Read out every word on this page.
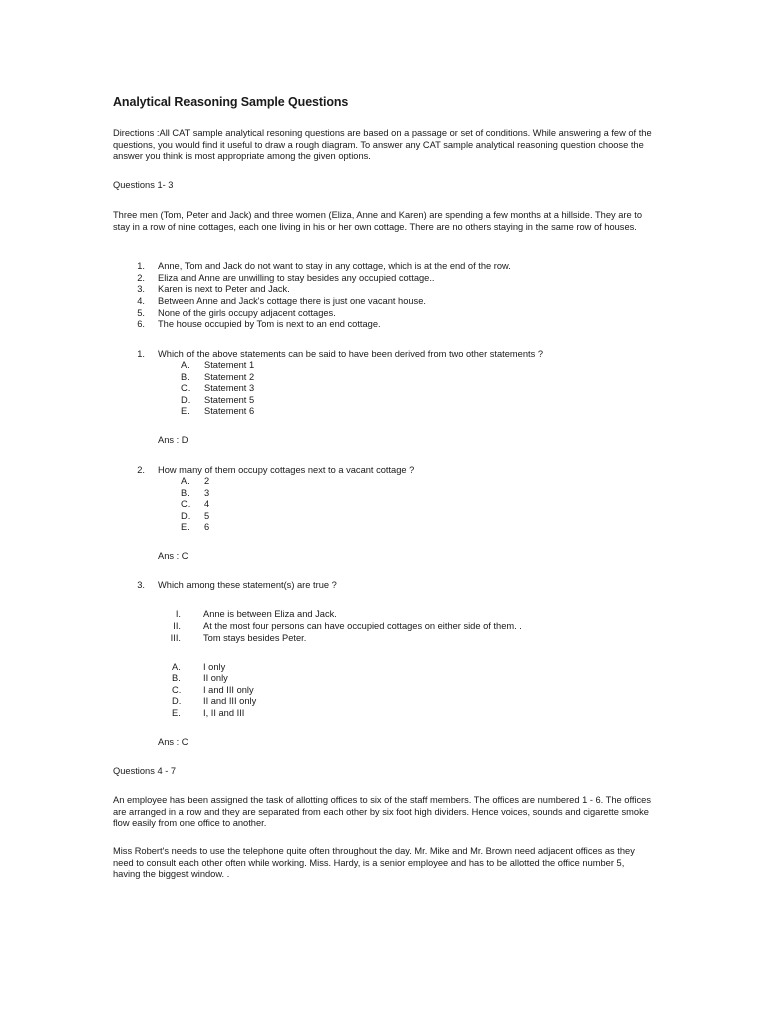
Analytical Reasoning Sample Questions
Directions :All CAT sample analytical resoning questions are based on a passage or set of conditions. While answering a few of the questions, you would find it useful to draw a rough diagram. To answer any CAT sample analytical reasoning question choose the answer you think is most appropriate among the given options.
Questions 1- 3
Three men (Tom, Peter and Jack) and three women (Eliza, Anne and Karen) are spending a few months at a hillside. They are to stay in a row of nine cottages, each one living in his or her own cottage. There are no others staying in the same row of houses.
1. Anne, Tom and Jack do not want to stay in any cottage, which is at the end of the row.
2. Eliza and Anne are unwilling to stay besides any occupied cottage..
3. Karen is next to Peter and Jack.
4. Between Anne and Jack's cottage there is just one vacant house.
5. None of the girls occupy adjacent cottages.
6. The house occupied by Tom is next to an end cottage.
1. Which of the above statements can be said to have been derived from two other statements ?
A. Statement 1
B. Statement 2
C. Statement 3
D. Statement 5
E. Statement 6
Ans : D
2. How many of them occupy cottages next to a vacant cottage ?
A. 2
B. 3
C. 4
D. 5
E. 6
Ans : C
3. Which among these statement(s) are true ?
I. Anne is between Eliza and Jack.
II. At the most four persons can have occupied cottages on either side of them. .
III. Tom stays besides Peter.
A. I only
B. II only
C. I and III only
D. II and III only
E. I, II and III
Ans : C
Questions 4 - 7
An employee has been assigned the task of allotting offices to six of the staff members. The offices are numbered 1 - 6. The offices are arranged in a row and they are separated from each other by six foot high dividers. Hence voices, sounds and cigarette smoke flow easily from one office to another.
Miss Robert's needs to use the telephone quite often throughout the day. Mr. Mike and Mr. Brown need adjacent offices as they need to consult each other often while working. Miss. Hardy, is a senior employee and has to be allotted the office number 5, having the biggest window. .
